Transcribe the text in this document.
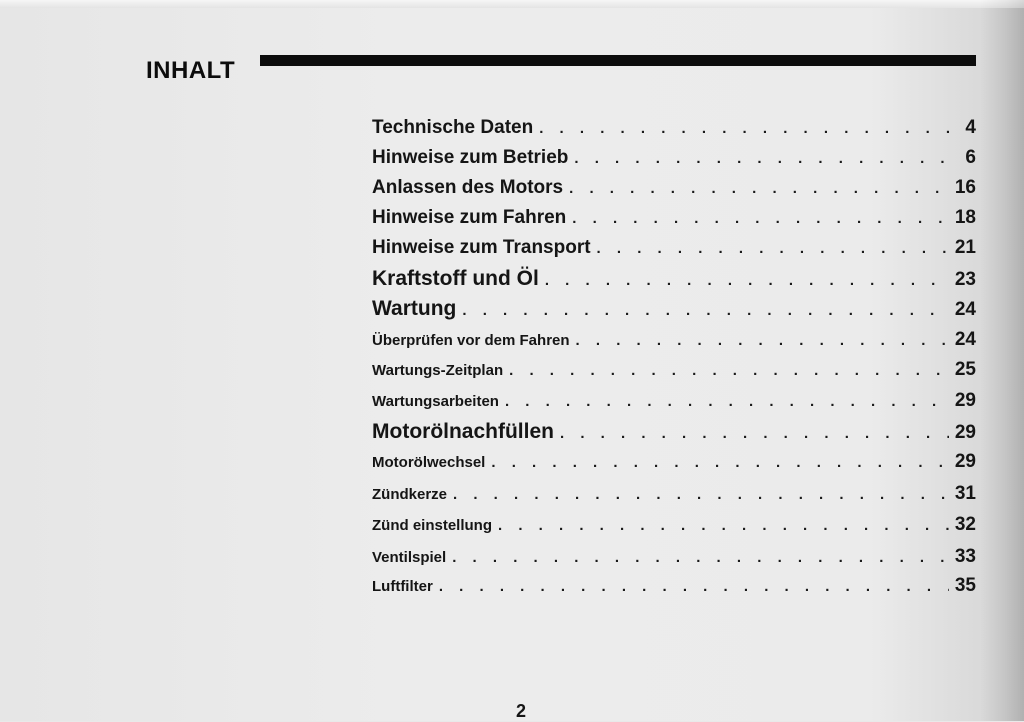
INHALT
Technische Daten . . .	4
Hinweise zum Betrieb . . .	6
Anlassen des Motors . . .	16
Hinweise zum Fahren . . .	18
Hinweise zum Transport . . .	21
Kraftstoff und Öl . . .	23
Wartung . . .	24
Überprüfen vor dem Fahren . . .	24
Wartungs-Zeitplan . . .	25
Wartungsarbeiten . . .	29
Motorölnachfüllen . . .	29
Motorölwechsel . . .	29
Zündkerze . . .	31
Zünd einstellung . . .	32
Ventilspiel . . .	33
Luftfilter . . .	35
2
